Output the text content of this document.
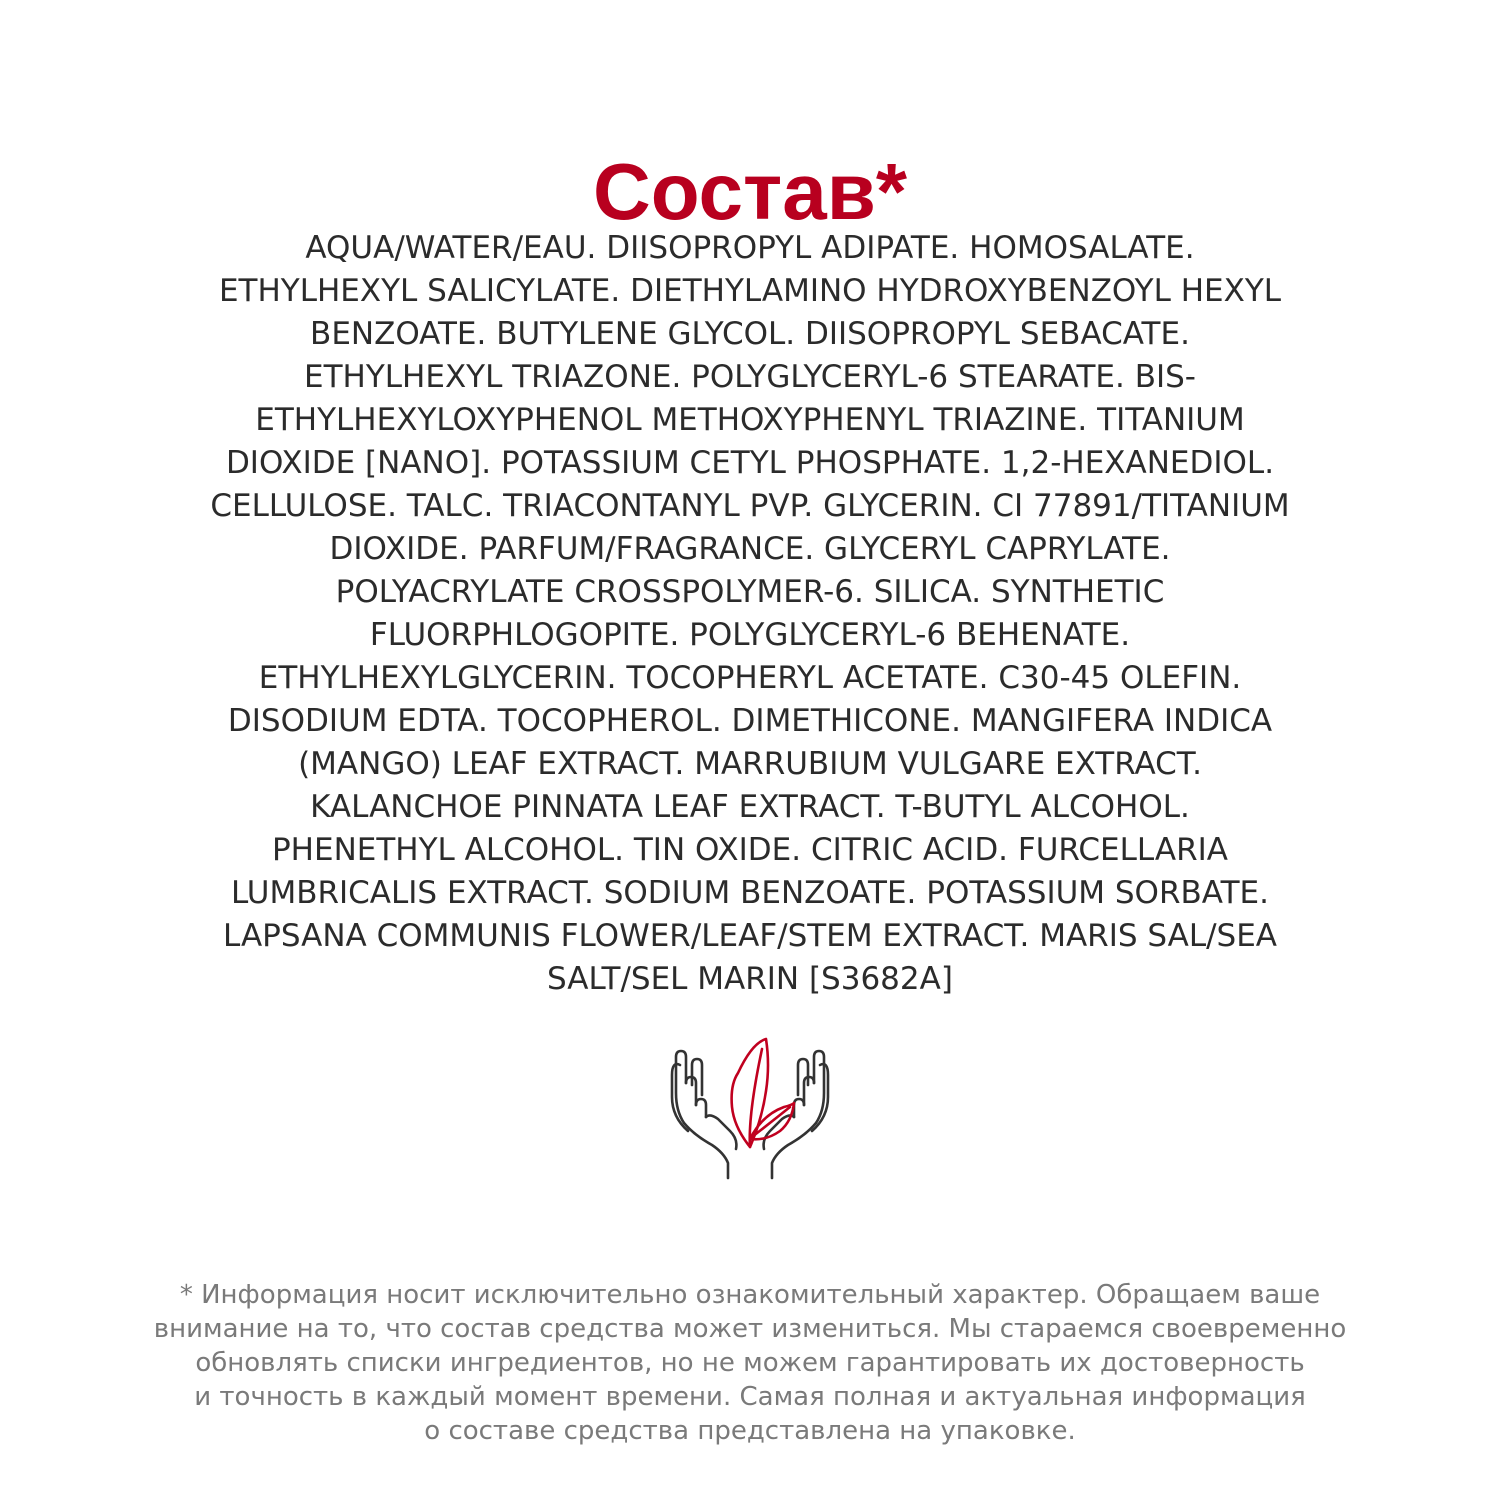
Состав*
AQUA/WATER/EAU. DIISOPROPYL ADIPATE. HOMOSALATE.
ETHYLHEXYL SALICYLATE. DIETHYLAMINO HYDROXYBENZOYL HEXYL
BENZOATE. BUTYLENE GLYCOL. DIISOPROPYL SEBACATE.
ETHYLHEXYL TRIAZONE. POLYGLYCERYL-6 STEARATE. BIS-
ETHYLHEXYLOXYPHENOL METHOXYPHENYL TRIAZINE. TITANIUM
DIOXIDE [NANO]. POTASSIUM CETYL PHOSPHATE. 1,2-HEXANEDIOL.
CELLULOSE. TALC. TRIACONTANYL PVP. GLYCERIN. CI 77891/TITANIUM
DIOXIDE. PARFUM/FRAGRANCE. GLYCERYL CAPRYLATE.
POLYACRYLATE CROSSPOLYMER-6. SILICA. SYNTHETIC
FLUORPHLOGOPITE. POLYGLYCERYL-6 BEHENATE.
ETHYLHEXYLGLYCERIN. TOCOPHERYL ACETATE. C30-45 OLEFIN.
DISODIUM EDTA. TOCOPHEROL. DIMETHICONE. MANGIFERA INDICA
(MANGO) LEAF EXTRACT. MARRUBIUM VULGARE EXTRACT.
KALANCHOE PINNATA LEAF EXTRACT. T-BUTYL ALCOHOL.
PHENETHYL ALCOHOL. TIN OXIDE. CITRIC ACID. FURCELLARIA
LUMBRICALIS EXTRACT. SODIUM BENZOATE. POTASSIUM SORBATE.
LAPSANA COMMUNIS FLOWER/LEAF/STEM EXTRACT. MARIS SAL/SEA
SALT/SEL MARIN [S3682A]
* Информация носит исключительно ознакомительный характер. Обращаем ваше
внимание на то, что состав средства может измениться. Мы стараемся своевременно
обновлять списки ингредиентов, но не можем гарантировать их достоверность
и точность в каждый момент времени. Самая полная и актуальная информация
о составе средства представлена на упаковке.
